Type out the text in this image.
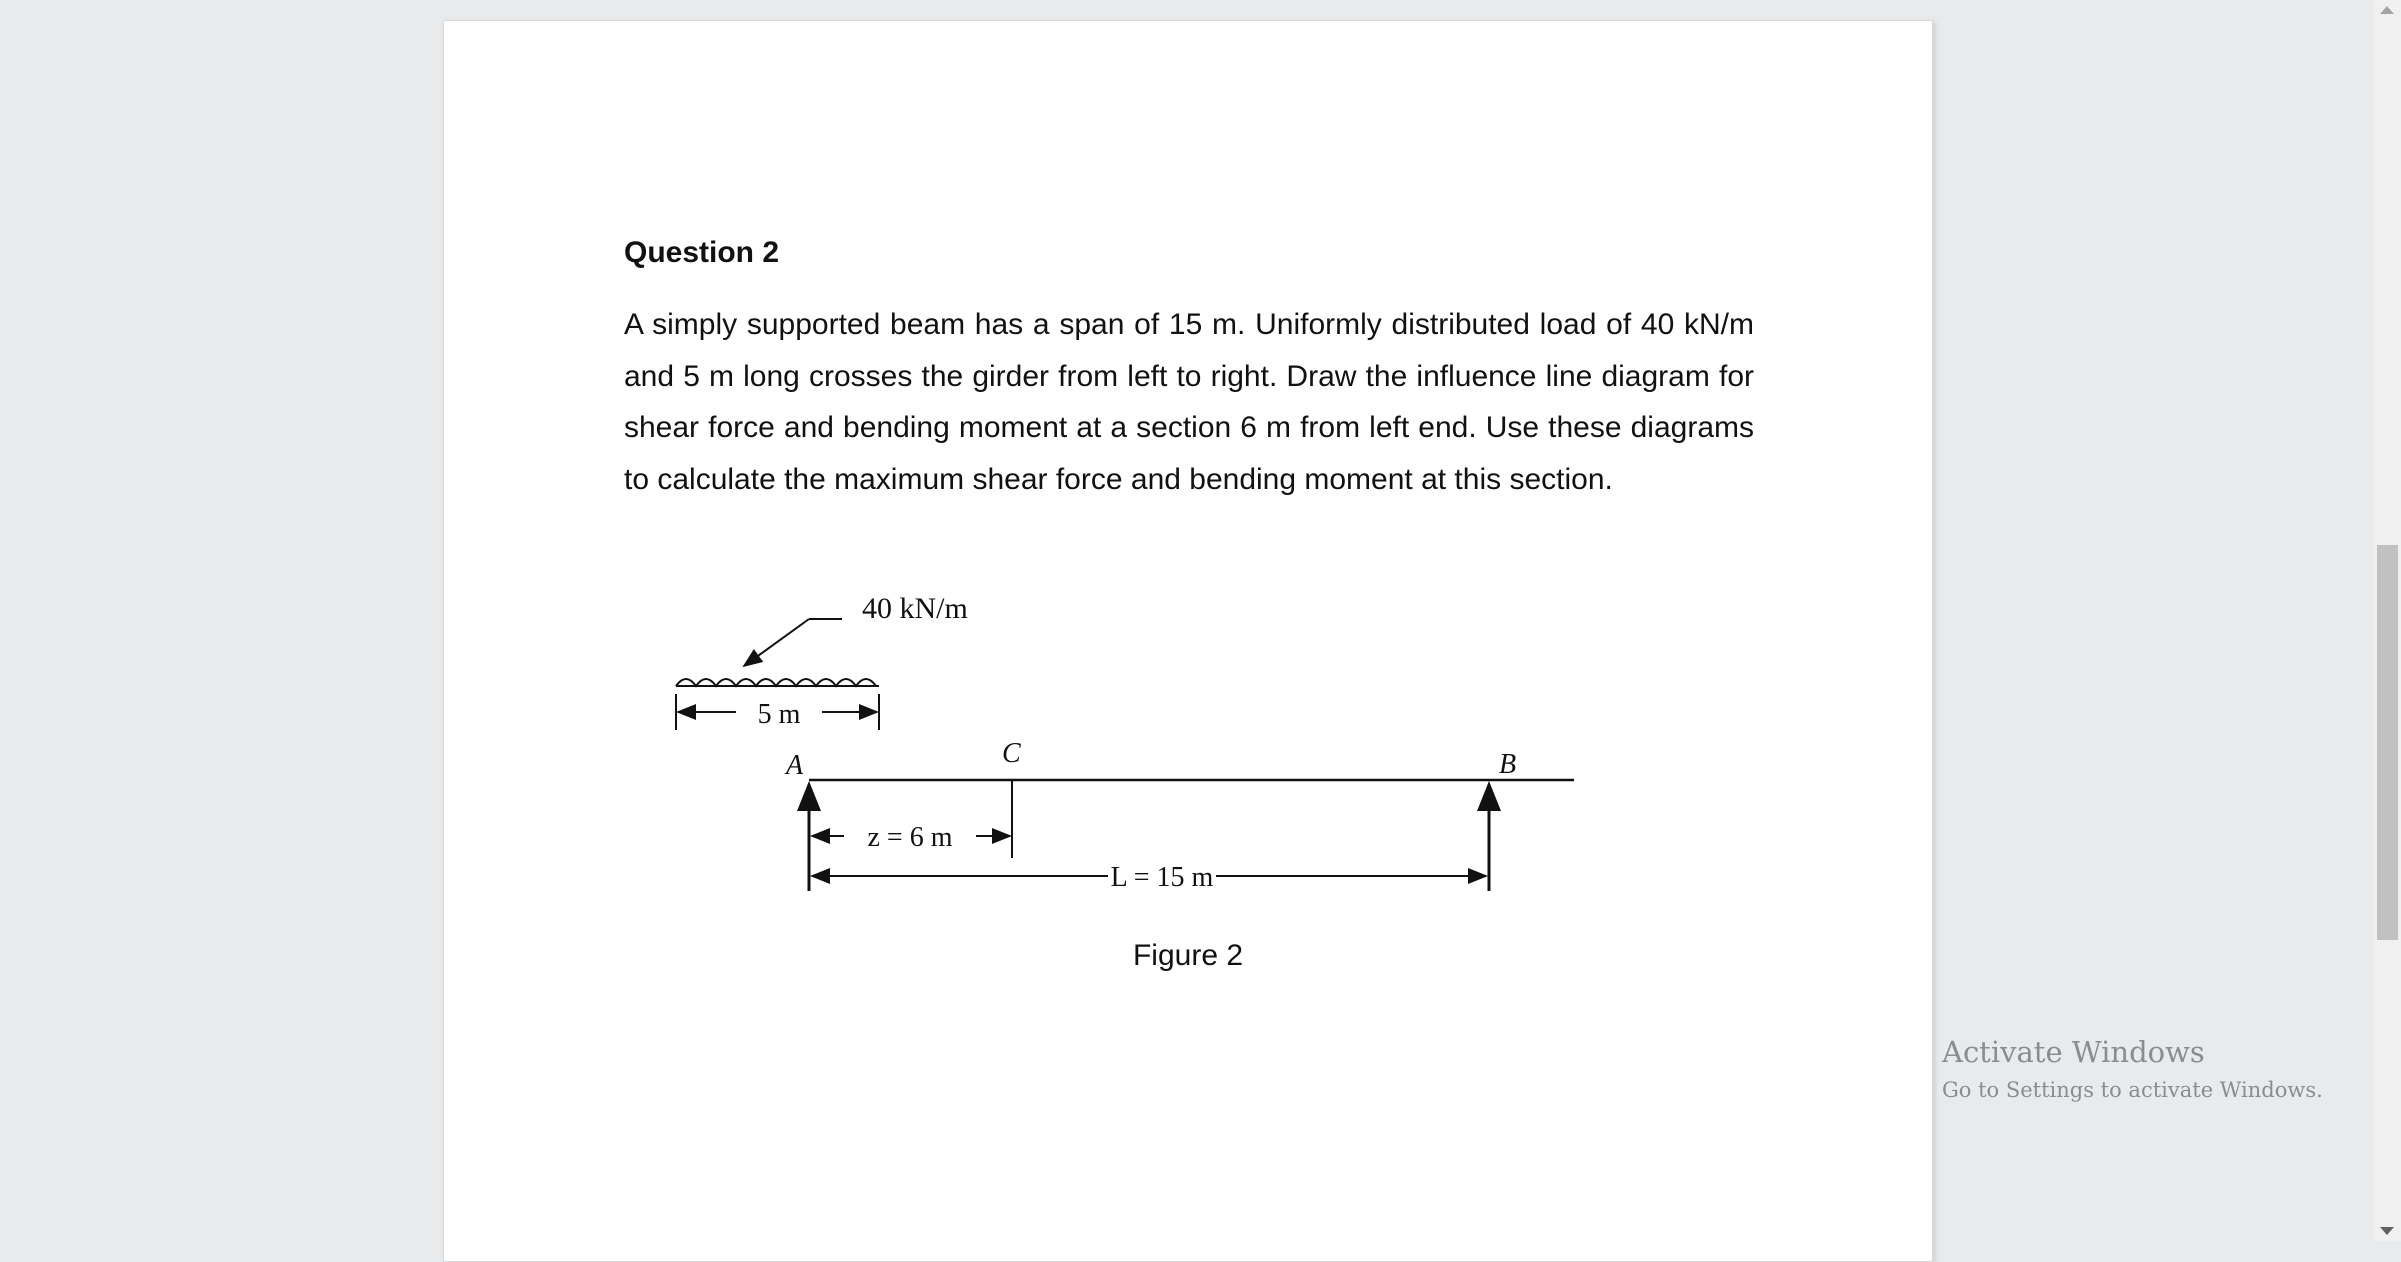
Question 2
A simply supported beam has a span of 15 m. Uniformly distributed load of 40 kN/m and 5 m long crosses the girder from left to right. Draw the influence line diagram for shear force and bending moment at a section 6 m from left end. Use these diagrams to calculate the maximum shear force and bending moment at this section.
40 kN/m
5 m
A	C	B
z = 6 m
L = 15 m
Figure 2
Activate Windows
Go to Settings to activate Windows.
